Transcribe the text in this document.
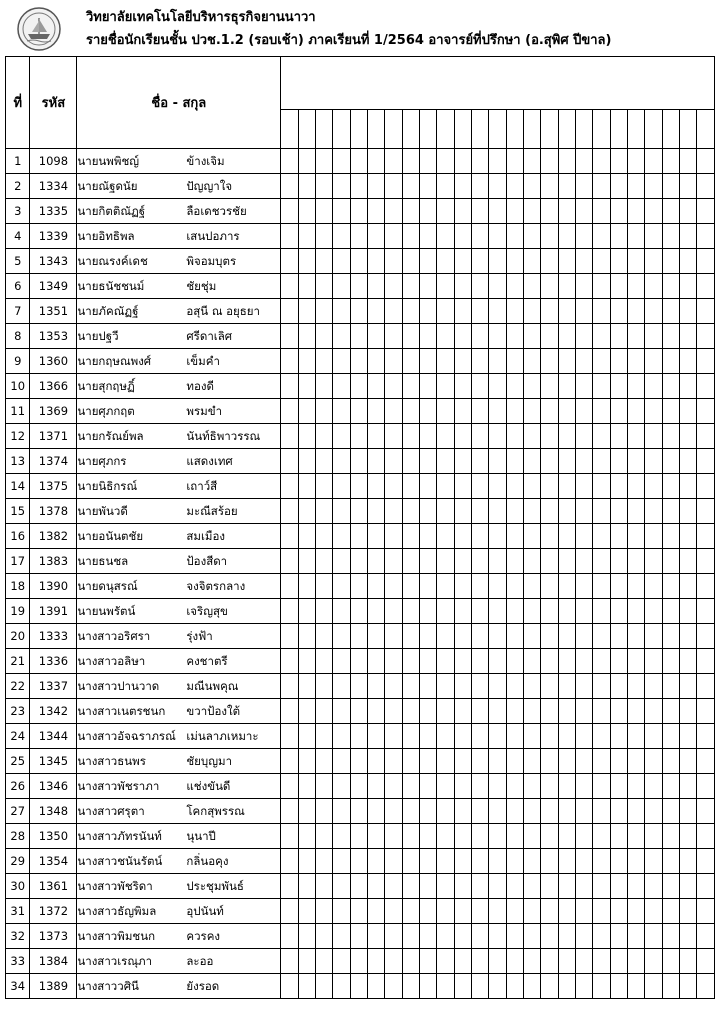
วิทยาลัยเทคโนโลยีบริหารธุรกิจยานนาวา
รายชื่อนักเรียนชั้น ปวช.1.2 (รอบเช้า) ภาคเรียนที่ 1/2564 อาจารย์ที่ปรึกษา (อ.สุพิศ ปีขาล)
ที่	รหัส	ชื่อ - สกุล																									

1	1098	นายนพพิชญ์ ข้างเจิม																									
2	1334	นายณัฐดนัย ปัญญาใจ																									
3	1335	นายกิตติณัฏฐ์ ลือเดชวรชัย																									
4	1339	นายอิทธิพล เสนปอภาร																									
5	1343	นายณรงค์เดช พิจอมบุตร																									
6	1349	นายธนัชชนม์ ชัยชุ่ม																									
7	1351	นายภัคณัฏฐ์ อสุนี ณ อยุธยา																									
8	1353	นายปฐวี ศรีดาเลิศ																									
9	1360	นายกฤษณพงศ์ เข็มคำ																									
10	1366	นายสุกฤษฏิ์ ทองดี																									
11	1369	นายศุภกฤต พรมขำ																									
12	1371	นายกรัณย์พล นันท์ธิพาวรรณ																									
13	1374	นายศุภกร แสดงเทศ																									
14	1375	นายนิธิกรณ์ เถาว์สี																									
15	1378	นายพันวดี มะณีสร้อย																									
16	1382	นายอนันตชัย สมเมือง																									
17	1383	นายธนชล ป้องสีดา																									
18	1390	นายดนุสรณ์ จงจิตรกลาง																									
19	1391	นายนพรัตน์ เจริญสุข																									
20	1333	นางสาวอริศรา รุ่งฟ้า																									
21	1336	นางสาวอลิษา คงชาตรี																									
22	1337	นางสาวปานวาด มณีนพคุณ																									
23	1342	นางสาวเนตรชนก ขวาป้องใต้																									
24	1344	นางสาวอัจฉราภรณ์ เม่นลาภเหมาะ																									
25	1345	นางสาวธนพร ชัยบุญมา																									
26	1346	นางสาวพัชราภา แช่งขันดี																									
27	1348	นางสาวศรุตา โคกสุพรรณ																									
28	1350	นางสาวภัทรนันท์ นุนาปี																									
29	1354	นางสาวชนันรัตน์ กลิ่นอคุง																									
30	1361	นางสาวพัชริดา ประชุมพันธ์																									
31	1372	นางสาวธัญพิมล อุปนันท์																									
32	1373	นางสาวพิมชนก ควรคง																									
33	1384	นางสาวเรณุภา ละออ																									
34	1389	นางสาววศินี ยังรอด																									
